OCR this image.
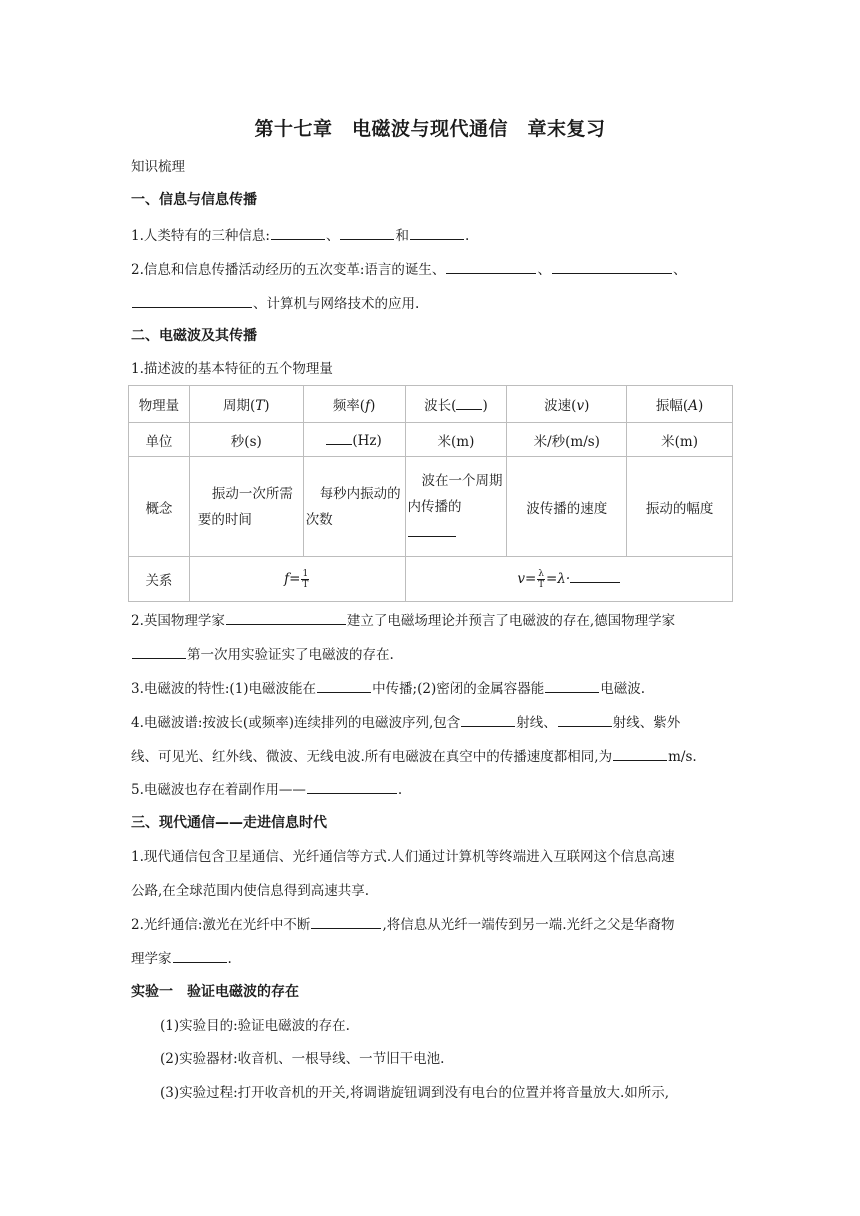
第十七章　电磁波与现代通信　章末复习
知识梳理
一、信息与信息传播
1.人类特有的三种信息:	、	和	.
2.信息和信息传播活动经历的五次变革:语言的诞生、	、	、
、计算机与网络技术的应用.
二、电磁波及其传播
1.描述波的基本特征的五个物理量
物理量	周期(T)	频率(f)	波长( )	波速(v)	振幅(A)
单位	秒(s)	(Hz)	米(m)	米/秒(m/s)	米(m)
概念	振动一次所需要的时间	每秒内振动的次数	波在一个周期内传播的	波传播的速度	振动的幅度
关系	$f= \frac{1}{T}$		$v= \frac{\lambda}{T} =\lambda\cdot$		
2.英国物理学家	建立了电磁场理论并预言了电磁波的存在,德国物理学家
第一次用实验证实了电磁波的存在.
3.电磁波的特性:(1)电磁波能在	中传播;(2)密闭的金属容器能	电磁波.
4.电磁波谱:按波长(或频率)连续排列的电磁波序列,包含	射线、	射线、紫外
线、可见光、红外线、微波、无线电波.所有电磁波在真空中的传播速度都相同,为	m/s.
5.电磁波也存在着副作用——	.
三、现代通信——走进信息时代
1.现代通信包含卫星通信、光纤通信等方式.人们通过计算机等终端进入互联网这个信息高速
公路,在全球范围内使信息得到高速共享.
2.光纤通信:激光在光纤中不断	,将信息从光纤一端传到另一端.光纤之父是华裔物
理学家	.
实验一　验证电磁波的存在
(1)实验目的:验证电磁波的存在.
(2)实验器材:收音机、一根导线、一节旧干电池.
(3)实验过程:打开收音机的开关,将调谐旋钮调到没有电台的位置并将音量放大.如所示,
